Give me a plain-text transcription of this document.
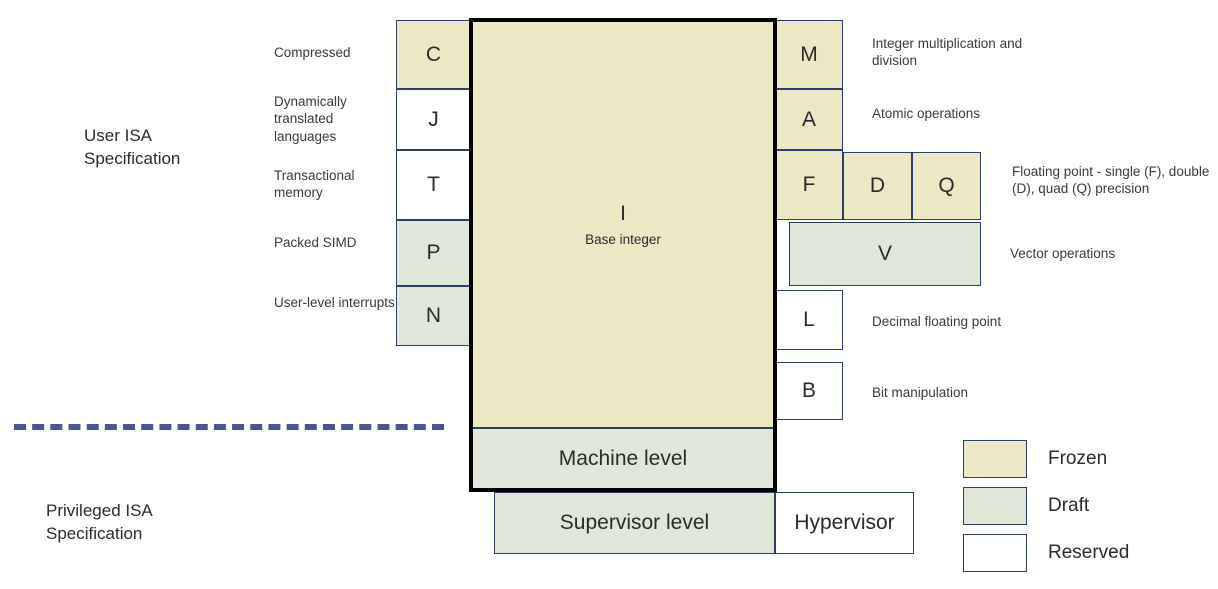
User ISA
Specification
Privileged ISA
Specification
Compressed
Dynamically translated languages
Transactional memory
Packed SIMD
User-level interrupts
C
J
T
P
N
I
Base integer
M
A
F	D	Q
V
L
B
Integer multiplication and division
Atomic operations
Floating point - single (F), double (D), quad (Q) precision
Vector operations
Decimal floating point
Bit manipulation
Machine level
Supervisor level	Hypervisor
Frozen
Draft
Reserved
